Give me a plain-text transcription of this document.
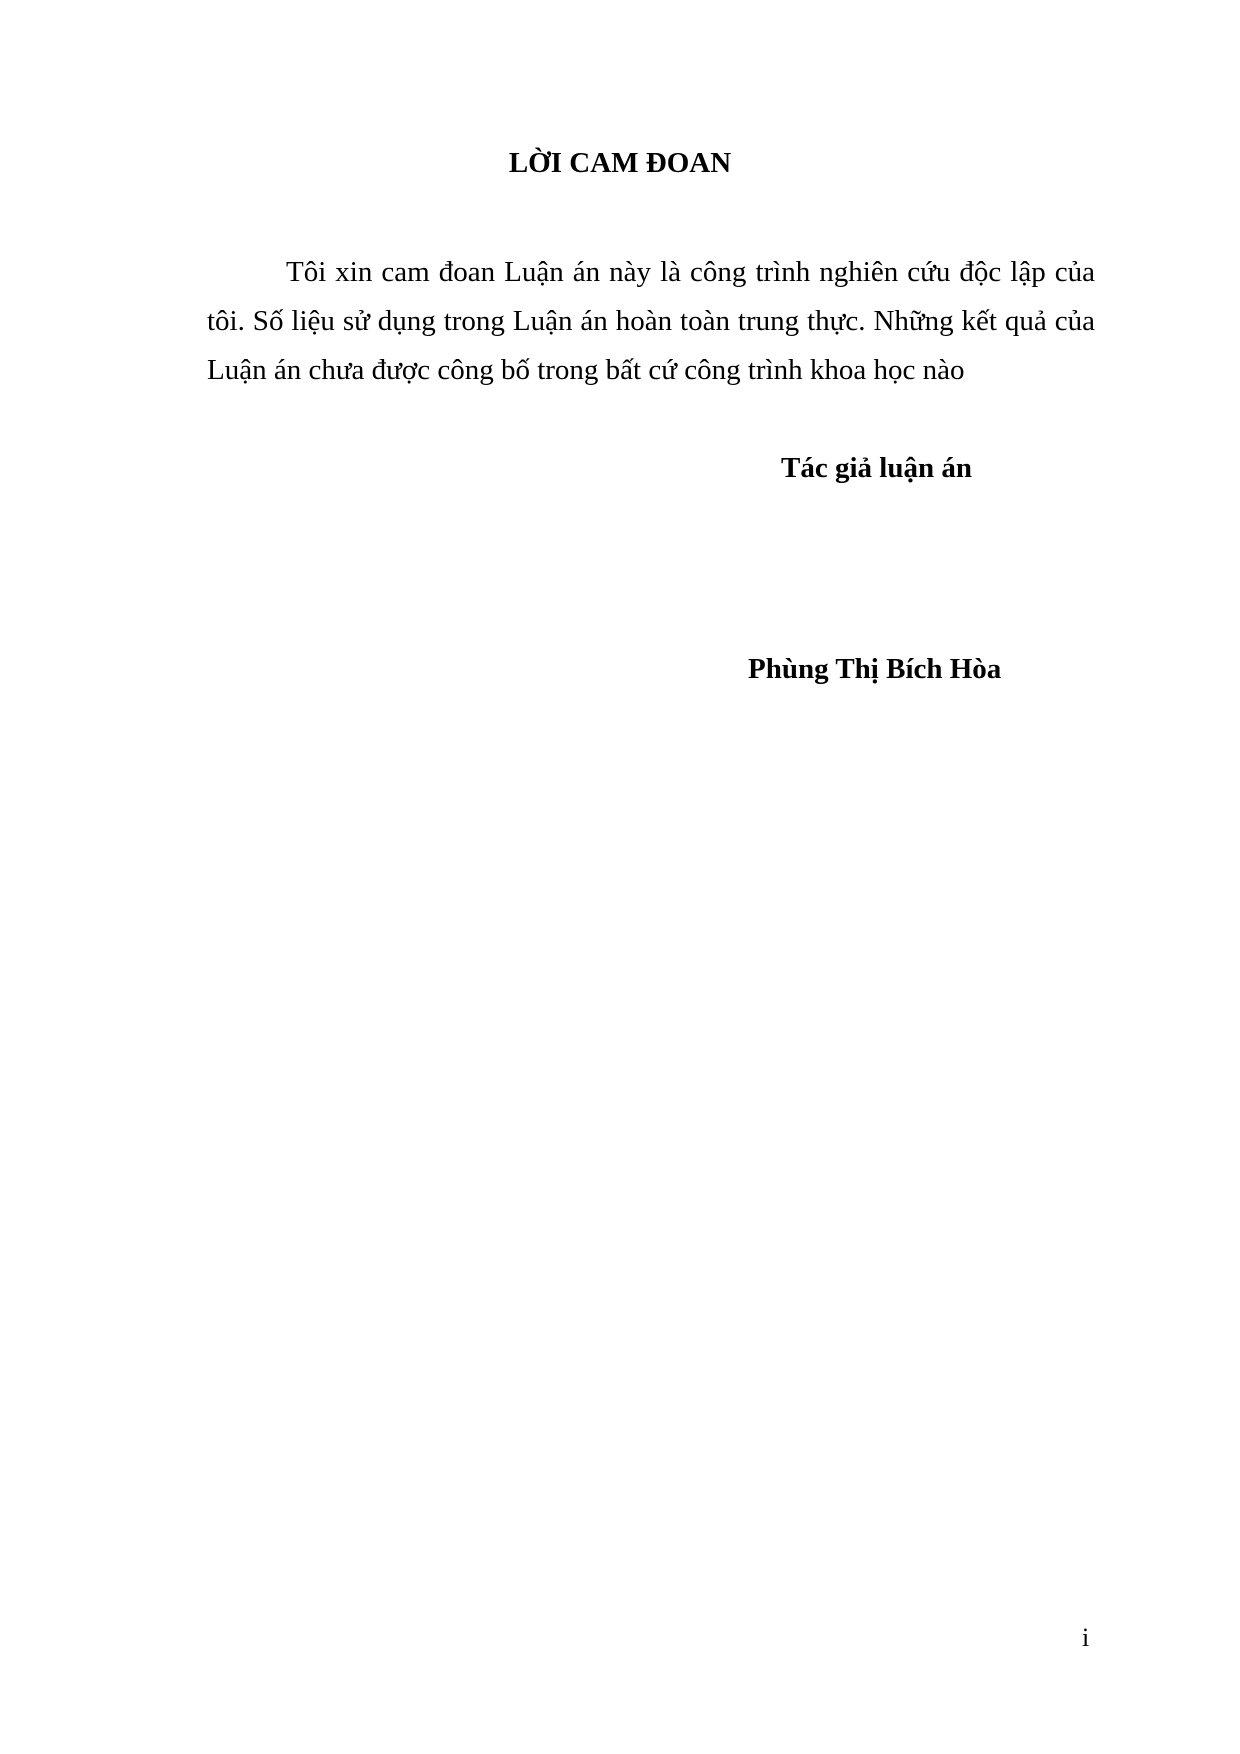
LỜI CAM ĐOAN

Tôi xin cam đoan Luận án này là công trình nghiên cứu độc lập của tôi. Số liệu sử dụng trong Luận án hoàn toàn trung thực. Những kết quả của Luận án chưa được công bố trong bất cứ công trình khoa học nào

Tác giả luận án
Phùng Thị Bích Hòa
i
